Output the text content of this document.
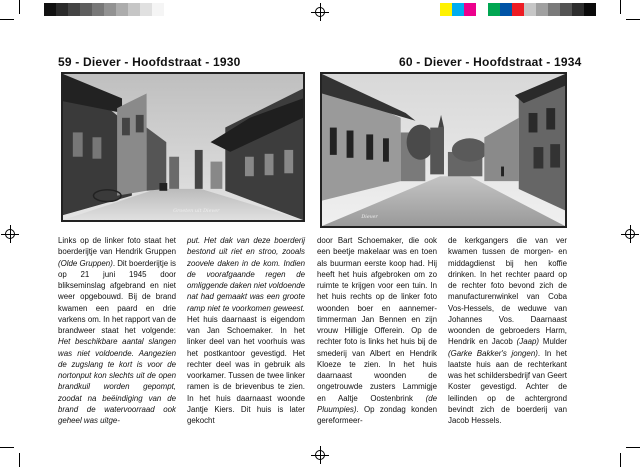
59 - Diever - Hoofdstraat - 1930	60 - Diever - Hoofdstraat - 1934
Groeten uit Diever
Diever

Links op de linker foto staat het boerderijtje van Hendrik Gruppen (Olde Gruppen). Dit boerderijtje is op 21 juni 1945 door blikseminslag afgebrand en niet weer opgebouwd. Bij de brand kwamen een paard en drie varkens om. In het rapport van de brandweer staat het volgende: Het beschikbare aantal slangen was niet voldoende. Aangezien de zugslang te kort is voor de nortonput kon slechts uit de open brandkuil worden gepompt, zoodat na beëindiging van de brand de watervoorraad ook geheel was uitge-

put. Het dak van deze boerderij bestond uit riet en stroo, zooals zoovele daken in de kom. Indien de voorafgaande regen de omliggende daken niet voldoende nat had gemaakt was een groote ramp niet te voorkomen geweest. Het huis daarnaast is eigendom van Jan Schoemaker. In het linker deel van het voorhuis was het postkantoor gevestigd. Het rechter deel was in gebruik als voorkamer. Tussen de twee linker ramen is de brievenbus te zien. In het huis daarnaast woonde Jantje Kiers. Dit huis is later gekocht

door Bart Schoemaker, die ook een beetje makelaar was en toen als buurman eerste koop had. Hij heeft het huis afgebroken om zo ruimte te krijgen voor een tuin. In het huis rechts op de linker foto woonden boer en aannemer-timmerman Jan Bennen en zijn vrouw Hilligje Offerein. Op de rechter foto is links het huis bij de smederij van Albert en Hendrik Kloeze te zien. In het huis daarnaast woonden de ongetrouwde zusters Lammigje en Aaltje Oostenbrink (de Pluumpies). Op zondag konden gereformeer-

de kerkgangers die van ver kwamen tussen de morgen- en middagdienst bij hen koffie drinken. In het rechter paard op de rechter foto bevond zich de manufacturenwinkel van Coba Vos-Hessels, de weduwe van Johannes Vos. Daarnaast woonden de gebroeders Harm, Hendrik en Jacob (Jaap) Mulder (Garke Bakker's jongen). In het laatste huis aan de rechterkant was het schildersbedrijf van Geert Koster gevestigd. Achter de leilinden op de achtergrond bevindt zich de boerderij van Jacob Hessels.
